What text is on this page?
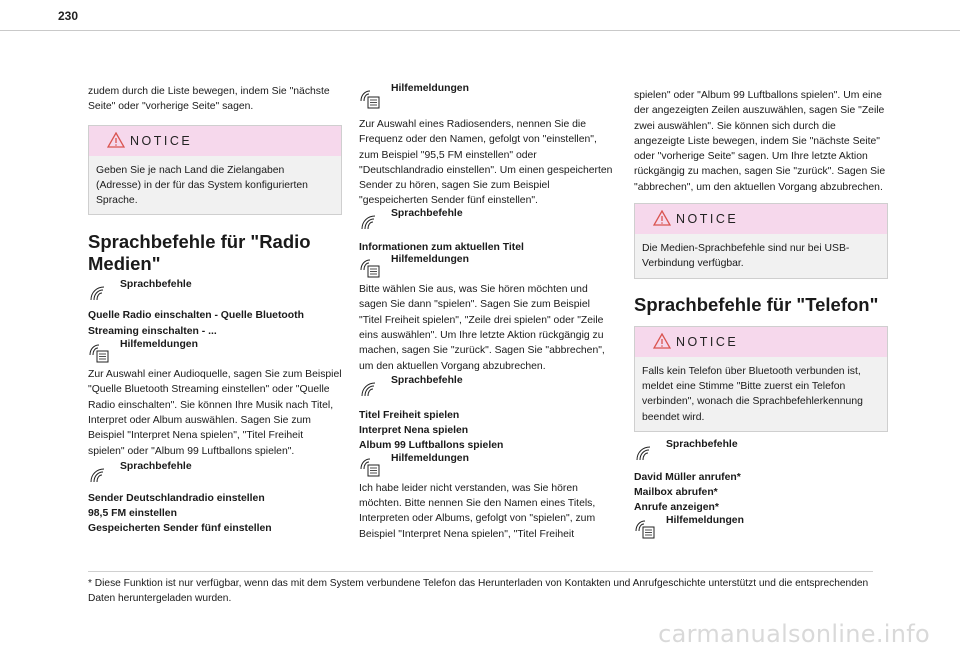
230

zudem durch die Liste bewegen, indem Sie "nächste Seite" oder "vorherige Seite" sagen.

NOTICE

Geben Sie je nach Land die Zielangaben (Adresse) in der für das System konfigurierten Sprache.

Sprachbefehle für "Radio Medien"
Sprachbefehle

Quelle Radio einschalten - Quelle Bluetooth Streaming einschalten - ...

Hilfemeldungen

Zur Auswahl einer Audioquelle, sagen Sie zum Beispiel "Quelle Bluetooth Streaming einstellen" oder "Quelle Radio einschalten". Sie können Ihre Musik nach Titel, Interpret oder Album auswählen. Sagen Sie zum Beispiel "Interpret Nena spielen", "Titel Freiheit spielen" oder "Album 99 Luftballons spielen".

Sprachbefehle

Sender Deutschlandradio einstellen

98,5 FM einstellen

Gespeicherten Sender fünf einstellen

Hilfemeldungen

Zur Auswahl eines Radiosenders, nennen Sie die Frequenz oder den Namen, gefolgt von "einstellen", zum Beispiel "95,5 FM einstellen" oder "Deutschlandradio einstellen". Um einen gespeicherten Sender zu hören, sagen Sie zum Beispiel "gespeicherten Sender fünf einstellen".

Sprachbefehle

Informationen zum aktuellen Titel

Hilfemeldungen

Bitte wählen Sie aus, was Sie hören möchten und sagen Sie dann "spielen". Sagen Sie zum Beispiel "Titel Freiheit spielen", "Zeile drei spielen" oder "Zeile eins auswählen". Um Ihre letzte Aktion rückgängig zu machen, sagen Sie "zurück". Sagen Sie "abbrechen", um den aktuellen Vorgang abzubrechen.

Sprachbefehle

Titel Freiheit spielen

Interpret Nena spielen

Album 99 Luftballons spielen

Hilfemeldungen

Ich habe leider nicht verstanden, was Sie hören möchten. Bitte nennen Sie den Namen eines Titels, Interpreten oder Albums, gefolgt von "spielen", zum Beispiel "Interpret Nena spielen", "Titel Freiheit

spielen" oder "Album 99 Luftballons spielen". Um eine der angezeigten Zeilen auszuwählen, sagen Sie "Zeile zwei auswählen". Sie können sich durch die angezeigte Liste bewegen, indem Sie "nächste Seite" oder "vorherige Seite" sagen. Um Ihre letzte Aktion rückgängig zu machen, sagen Sie "zurück". Sagen Sie "abbrechen", um den aktuellen Vorgang abzubrechen.

NOTICE

Die Medien-Sprachbefehle sind nur bei USB-Verbindung verfügbar.

Sprachbefehle für "Telefon"
NOTICE

Falls kein Telefon über Bluetooth verbunden ist, meldet eine Stimme "Bitte zuerst ein Telefon verbinden", wonach die Sprachbefehlerkennung beendet wird.

Sprachbefehle

David Müller anrufen*

Mailbox abrufen*

Anrufe anzeigen*

Hilfemeldungen
* Diese Funktion ist nur verfügbar, wenn das mit dem System verbundene Telefon das Herunterladen von Kontakten und Anrufgeschichte unterstützt und die entsprechenden Daten heruntergeladen wurden.
carmanualsonline.info
